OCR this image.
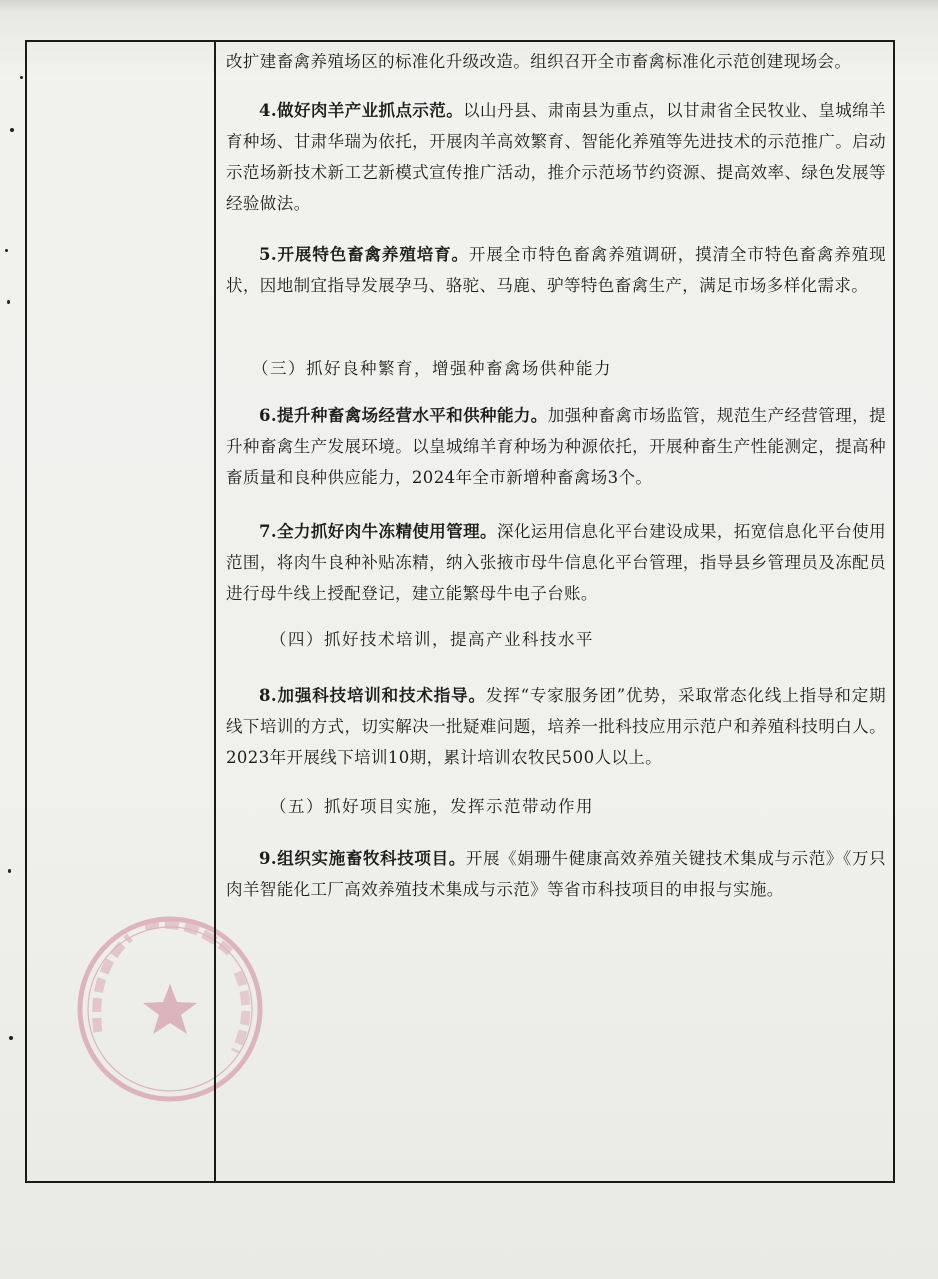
改扩建畜禽养殖场区的标准化升级改造。组织召开全市畜禽标准化示范创建现场会。

4.做好肉羊产业抓点示范。以山丹县、肃南县为重点，以甘肃省全民牧业、皇城绵羊育种场、甘肃华瑞为依托，开展肉羊高效繁育、智能化养殖等先进技术的示范推广。启动示范场新技术新工艺新模式宣传推广活动，推介示范场节约资源、提高效率、绿色发展等经验做法。

5.开展特色畜禽养殖培育。开展全市特色畜禽养殖调研，摸清全市特色畜禽养殖现状，因地制宜指导发展孕马、骆驼、马鹿、驴等特色畜禽生产，满足市场多样化需求。

（三）抓好良种繁育，增强种畜禽场供种能力

6.提升种畜禽场经营水平和供种能力。加强种畜禽市场监管，规范生产经营管理，提升种畜禽生产发展环境。以皇城绵羊育种场为种源依托，开展种畜生产性能测定，提高种畜质量和良种供应能力，2024年全市新增种畜禽场3个。

7.全力抓好肉牛冻精使用管理。深化运用信息化平台建设成果，拓宽信息化平台使用范围，将肉牛良种补贴冻精，纳入张掖市母牛信息化平台管理，指导县乡管理员及冻配员进行母牛线上授配登记，建立能繁母牛电子台账。

（四）抓好技术培训，提高产业科技水平

8.加强科技培训和技术指导。发挥“专家服务团”优势，采取常态化线上指导和定期线下培训的方式，切实解决一批疑难问题，培养一批科技应用示范户和养殖科技明白人。2023年开展线下培训10期，累计培训农牧民500人以上。

（五）抓好项目实施，发挥示范带动作用

9.组织实施畜牧科技项目。开展《娟珊牛健康高效养殖关键技术集成与示范》《万只肉羊智能化工厂高效养殖技术集成与示范》等省市科技项目的申报与实施。
